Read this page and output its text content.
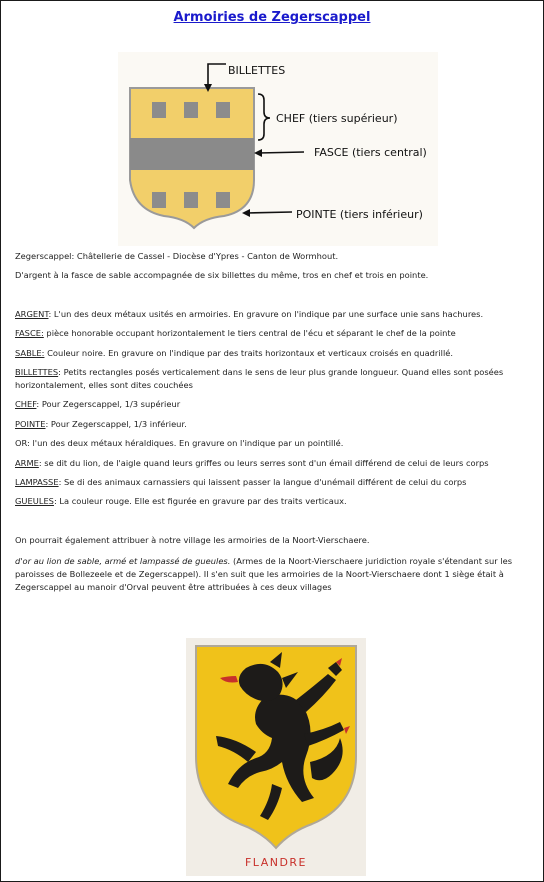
Armoiries de Zegerscappel
BILLETTES
CHEF (tiers supérieur)
FASCE (tiers central)
POINTE (tiers inférieur)
Zegerscappel: Châtellerie de Cassel - Diocèse d'Ypres - Canton de Wormhout.
D'argent à la fasce de sable accompagnée de six billettes du même, tros en chef et trois en pointe.
ARGENT: L'un des deux métaux usités en armoiries. En gravure on l'indique par une surface unie sans hachures.
FASCE: pièce honorable occupant horizontalement le tiers central de l'écu et séparant le chef de la pointe
SABLE: Couleur noire. En gravure on l'indique par des traits horizontaux et verticaux croisés en quadrillé.
BILLETTES: Petits rectangles posés verticalement dans le sens de leur plus grande longueur. Quand elles sont posées horizontalement, elles sont dites couchées
CHEF: Pour Zegerscappel, 1/3 supérieur
POINTE: Pour Zegerscappel, 1/3 inférieur.
OR: l'un des deux métaux héraldiques. En gravure on l'indique par un pointillé.
ARME: se dit du lion, de l'aigle quand leurs griffes ou leurs serres sont d'un émail différend de celui de leurs corps
LAMPASSE: Se di des animaux carnassiers qui laissent passer la langue d'unémail différent de celui du corps
GUEULES: La couleur rouge. Elle est figurée en gravure par des traits verticaux.
On pourrait également attribuer à notre village les armoiries de la Noort-Vierschaere.
d'or au lion de sable, armé et lampassé de gueules. (Armes de la Noort-Vierschaere juridiction royale s'étendant sur les paroisses de Bollezeele et de Zegerscappel). Il s'en suit que les armoiries de la Noort-Vierschaere dont 1 siège était à Zegerscappel au manoir d'Orval peuvent être attribuées à ces deux villages
FLANDRE
